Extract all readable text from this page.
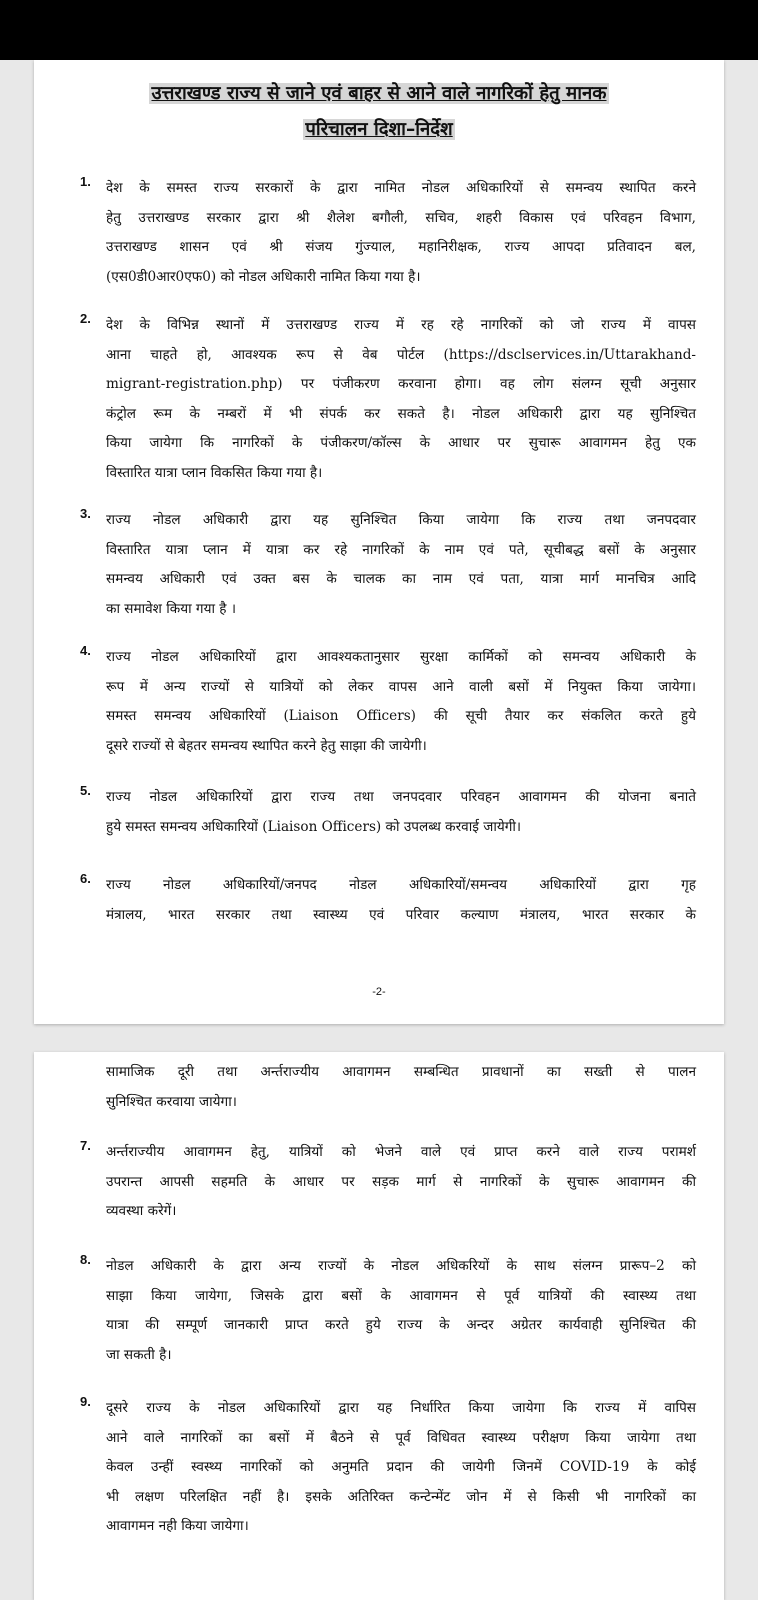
उत्तराखण्ड राज्य से जाने एवं बाहर से आने वाले नागरिकों हेतु मानक
परिचालन दिशा–निर्देश
1. देश के समस्त राज्य सरकारों के द्वारा नामित नोडल अधिकारियों से समन्वय स्थापित करने
हेतु उत्तराखण्ड सरकार द्वारा श्री शैलेश बगौली, सचिव, शहरी विकास एवं परिवहन विभाग,
उत्तराखण्ड शासन एवं श्री संजय गुंज्याल, महानिरीक्षक, राज्य आपदा प्रतिवादन बल,
(एस0डी0आर0एफ0) को नोडल अधिकारी नामित किया गया है।
2. देश के विभिन्न स्थानों में उत्तराखण्ड राज्य में रह रहे नागरिकों को जो राज्य में वापस
आना चाहते हो, आवश्यक रूप से वेब पोर्टल (https://dsclservices.in/Uttarakhand-
migrant-registration.php) पर पंजीकरण करवाना होगा। वह लोग संलग्न सूची अनुसार
कंट्रोल रूम के नम्बरों में भी संपर्क कर सकते है। नोडल अधिकारी द्वारा यह सुनिश्चित
किया जायेगा कि नागरिकों के पंजीकरण/कॉल्स के आधार पर सुचारू आवागमन हेतु एक
विस्तारित यात्रा प्लान विकसित किया गया है।
3. राज्य नोडल अधिकारी द्वारा यह सुनिश्चित किया जायेगा कि राज्य तथा जनपदवार
विस्तारित यात्रा प्लान में यात्रा कर रहे नागरिकों के नाम एवं पते, सूचीबद्ध बसों के अनुसार
समन्वय अधिकारी एवं उक्त बस के चालक का नाम एवं पता, यात्रा मार्ग मानचित्र आदि
का समावेश किया गया है ।
4. राज्य नोडल अधिकारियों द्वारा आवश्यकतानुसार सुरक्षा कार्मिकों को समन्वय अधिकारी के
रूप में अन्य राज्यों से यात्रियों को लेकर वापस आने वाली बसों में नियुक्त किया जायेगा।
समस्त समन्वय अधिकारियों (Liaison Officers) की सूची तैयार कर संकलित करते हुये
दूसरे राज्यों से बेहतर समन्वय स्थापित करने हेतु साझा की जायेगी।
5. राज्य नोडल अधिकारियों द्वारा राज्य तथा जनपदवार परिवहन आवागमन की योजना बनाते
हुये समस्त समन्वय अधिकारियों (Liaison Officers) को उपलब्ध करवाई जायेगी।
6. राज्य नोडल अधिकारियों/जनपद नोडल अधिकारियों/समन्वय अधिकारियों द्वारा गृह
मंत्रालय, भारत सरकार तथा स्वास्थ्य एवं परिवार कल्याण मंत्रालय, भारत सरकार के
-2-
सामाजिक दूरी तथा अर्न्तराज्यीय आवागमन सम्बन्धित प्रावधानों का सख्ती से पालन
सुनिश्चित करवाया जायेगा।
7. अर्न्तराज्यीय आवागमन हेतु, यात्रियों को भेजने वाले एवं प्राप्त करने वाले राज्य परामर्श
उपरान्त आपसी सहमति के आधार पर सड़क मार्ग से नागरिकों के सुचारू आवागमन की
व्यवस्था करेगें।
8. नोडल अधिकारी के द्वारा अन्य राज्यों के नोडल अधिकरियों के साथ संलग्न प्रारूप–2 को
साझा किया जायेगा, जिसके द्वारा बसों के आवागमन से पूर्व यात्रियों की स्वास्थ्य तथा
यात्रा की सम्पूर्ण जानकारी प्राप्त करते हुये राज्य के अन्दर अग्रेतर कार्यवाही सुनिश्चित की
जा सकती है।
9. दूसरे राज्य के नोडल अधिकारियों द्वारा यह निर्धारित किया जायेगा कि राज्य में वापिस
आने वाले नागरिकों का बसों में बैठने से पूर्व विधिवत स्वास्थ्य परीक्षण किया जायेगा तथा
केवल उन्हीं स्वस्थ्य नागरिकों को अनुमति प्रदान की जायेगी जिनमें COVID-19 के कोई
भी लक्षण परिलक्षित नहीं है। इसके अतिरिक्त कन्टेन्मेंट जोन में से किसी भी नागरिकों का
आवागमन नही किया जायेगा।
